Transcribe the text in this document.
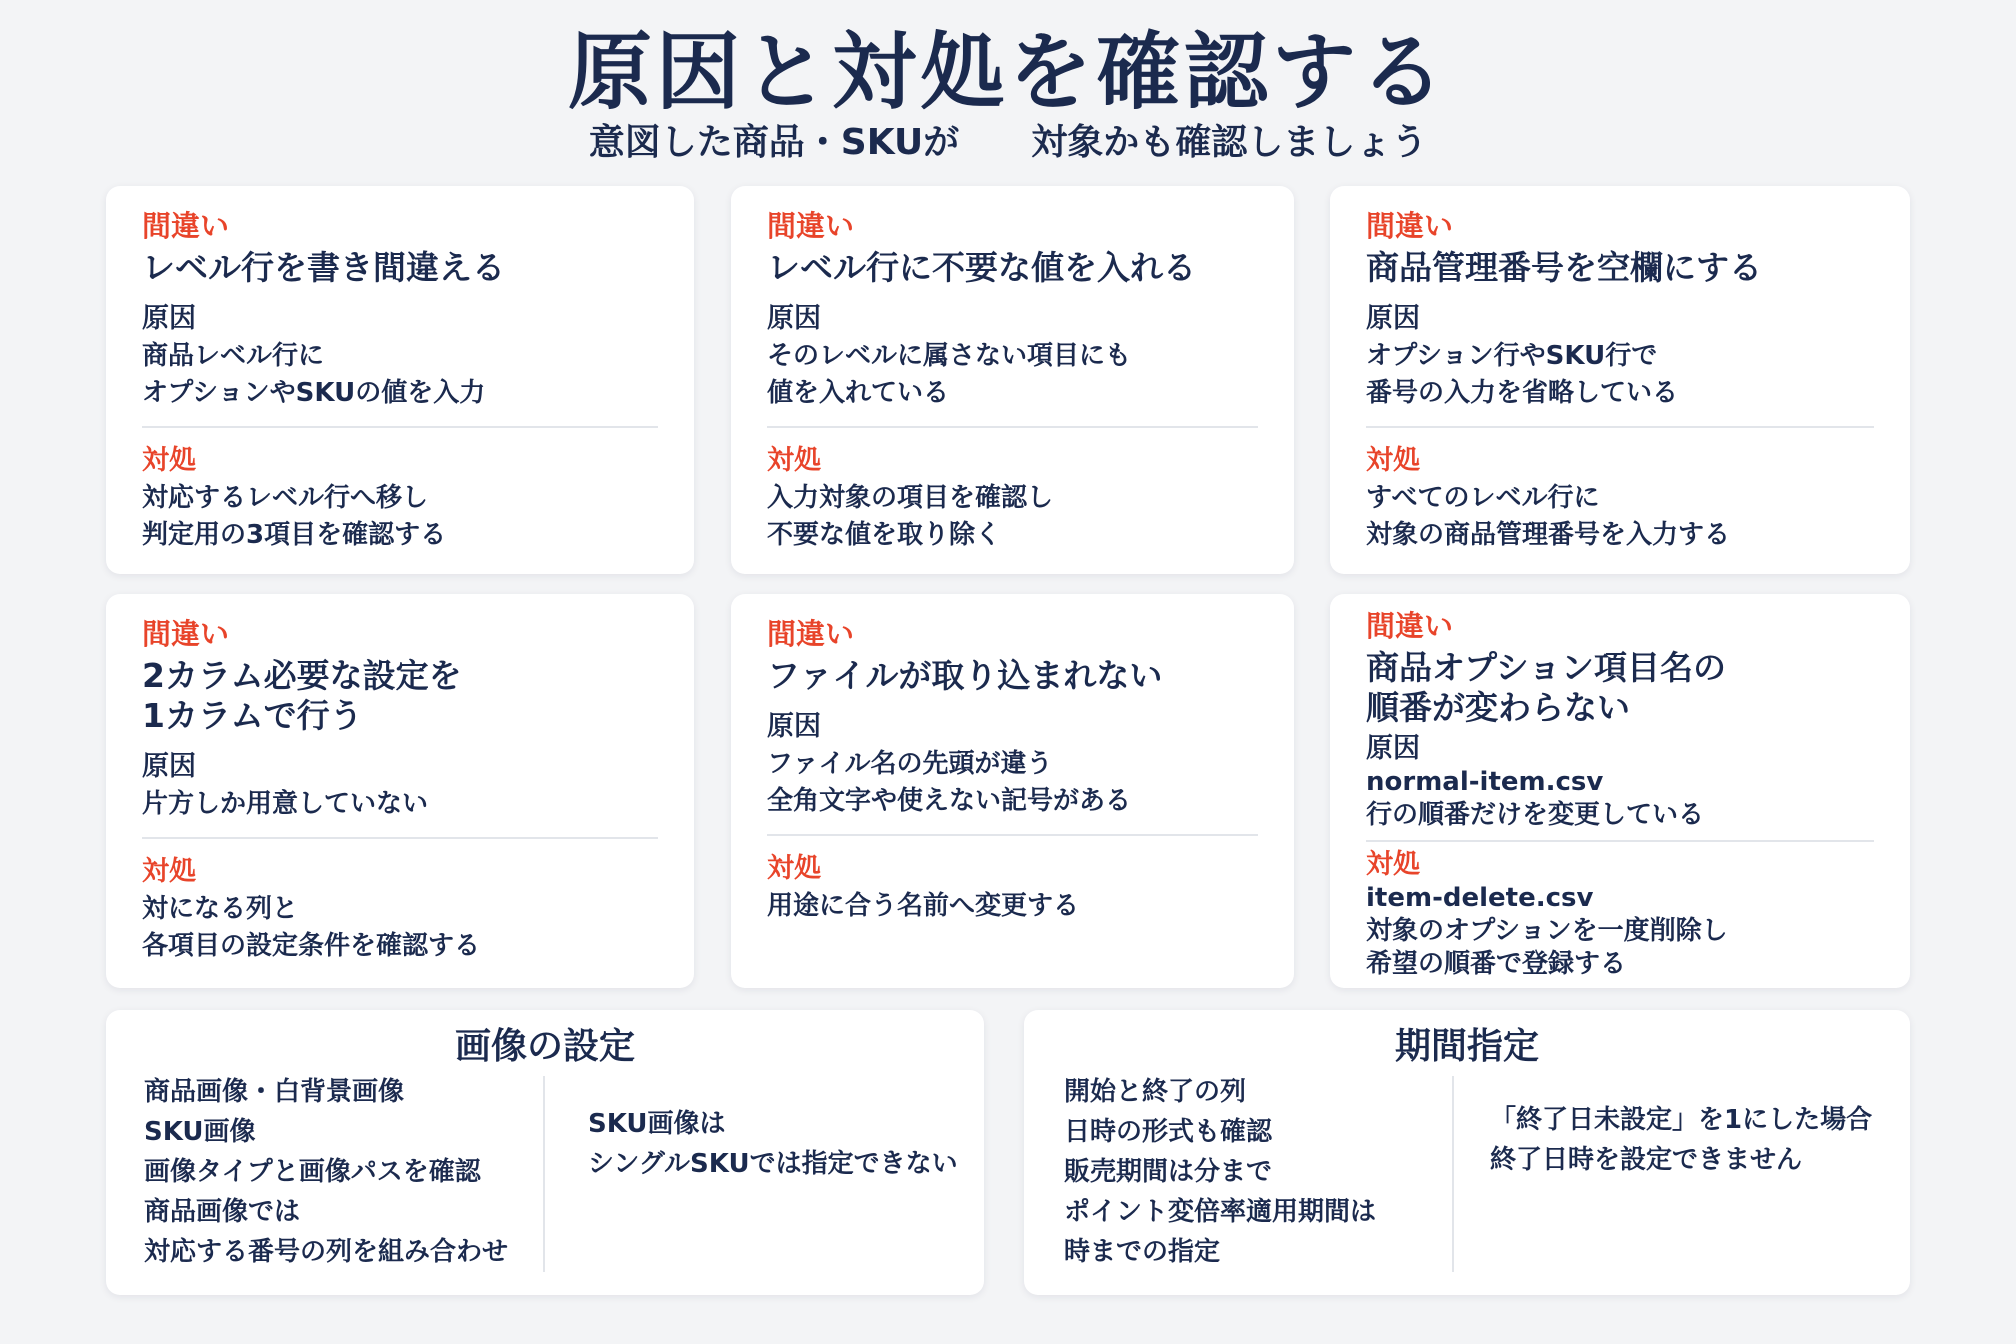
原因と対処を確認する
意図した商品・SKUが　　対象かも確認しましょう
間違い
レベル行を書き間違える
原因
商品レベル行に
オプションやSKUの値を入力
対処
対応するレベル行へ移し
判定用の3項目を確認する
間違い
レベル行に不要な値を入れる
原因
そのレベルに属さない項目にも
値を入れている
対処
入力対象の項目を確認し
不要な値を取り除く
間違い
商品管理番号を空欄にする
原因
オプション行やSKU行で
番号の入力を省略している
対処
すべてのレベル行に
対象の商品管理番号を入力する
間違い
2カラム必要な設定を
1カラムで行う
原因
片方しか用意していない
対処
対になる列と
各項目の設定条件を確認する
間違い
ファイルが取り込まれない
原因
ファイル名の先頭が違う
全角文字や使えない記号がある
対処
用途に合う名前へ変更する
間違い
商品オプション項目名の
順番が変わらない
原因
normal-item.csv
行の順番だけを変更している
対処
item-delete.csv
対象のオプションを一度削除し
希望の順番で登録する
画像の設定
商品画像・白背景画像
SKU画像
画像タイプと画像パスを確認
商品画像では
対応する番号の列を組み合わせ
SKU画像は
シングルSKUでは指定できない
期間指定
開始と終了の列
日時の形式も確認
販売期間は分まで
ポイント変倍率適用期間は
時までの指定
「終了日未設定」を1にした場合
終了日時を設定できません
